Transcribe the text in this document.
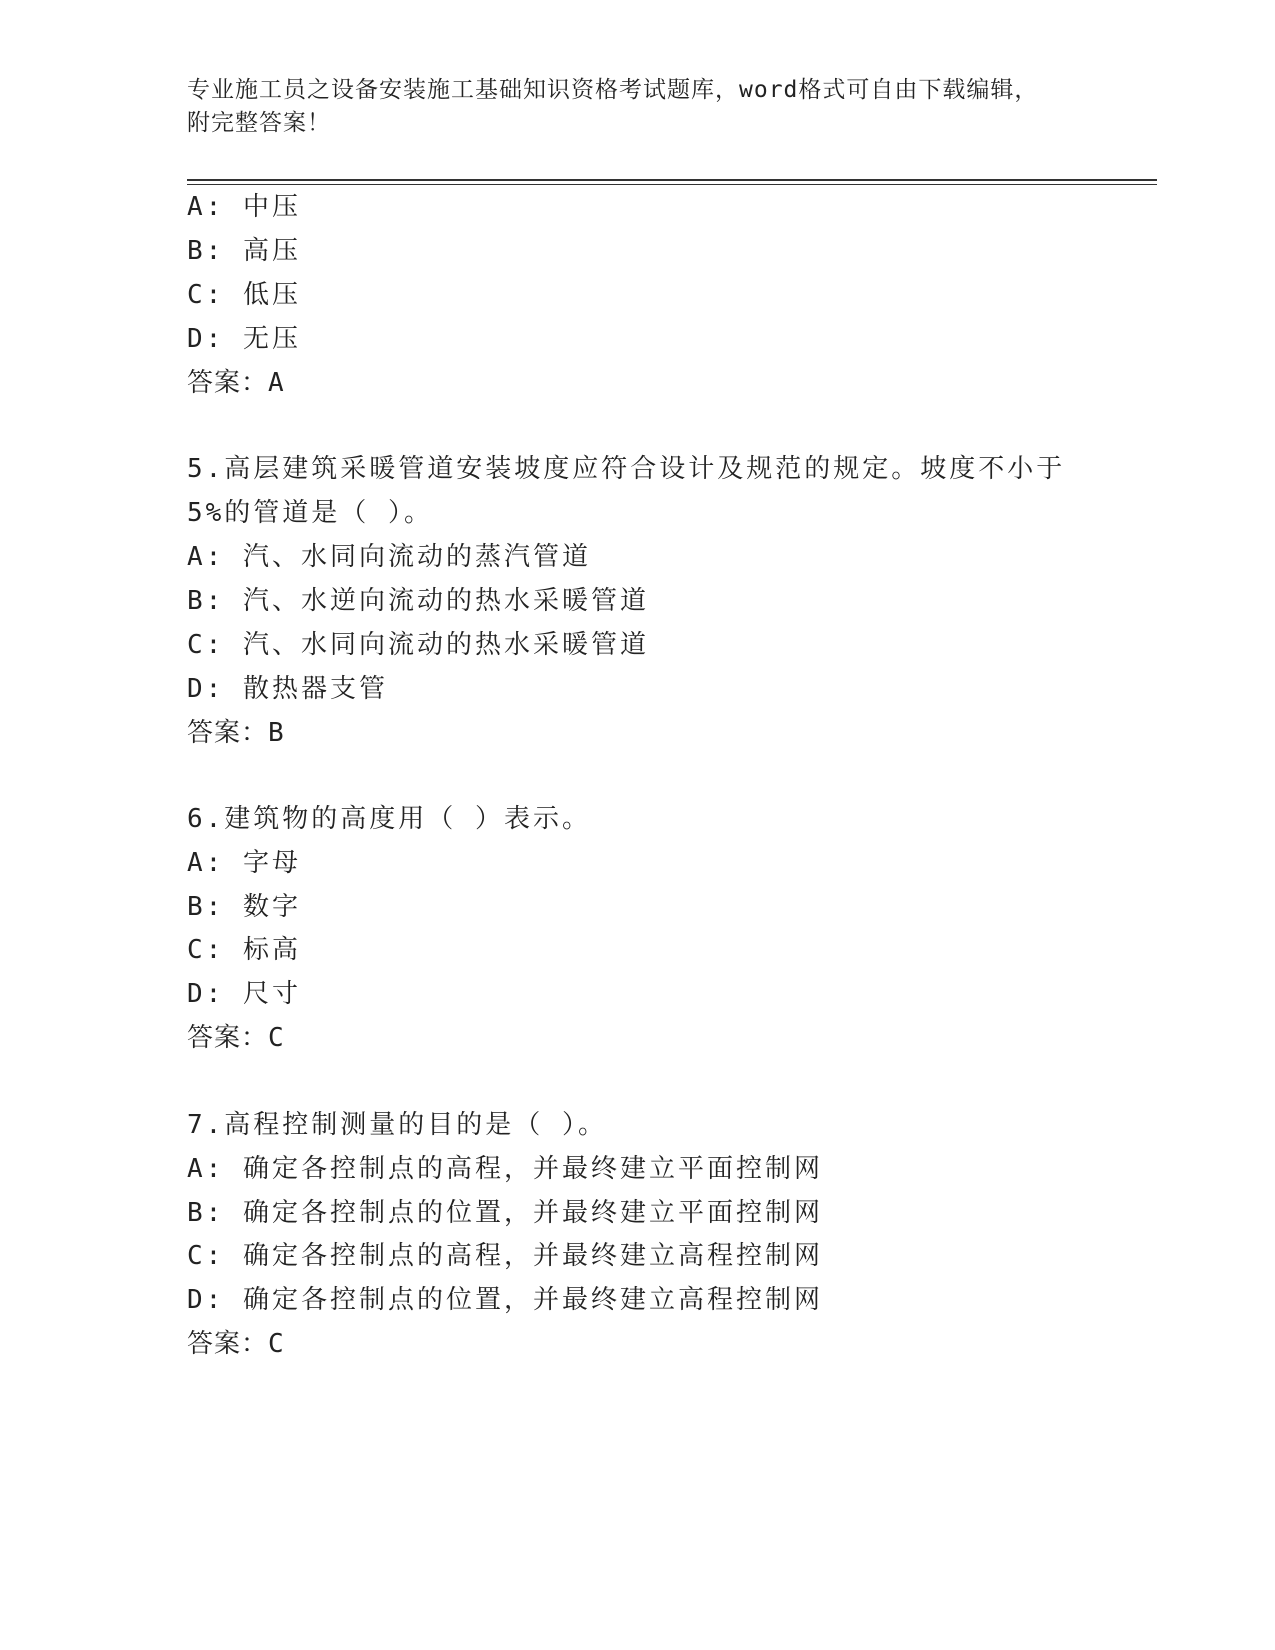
专业施工员之设备安装施工基础知识资格考试题库，word格式可自由下载编辑，
附完整答案！
A: 中压
B: 高压
C: 低压
D: 无压
答案：A
5.高层建筑采暖管道安装坡度应符合设计及规范的规定。坡度不小于
5%的管道是（ ）。
A: 汽、水同向流动的蒸汽管道
B: 汽、水逆向流动的热水采暖管道
C: 汽、水同向流动的热水采暖管道
D: 散热器支管
答案：B
6.建筑物的高度用（ ）表示。
A: 字母
B: 数字
C: 标高
D: 尺寸
答案：C
7.高程控制测量的目的是（ ）。
A: 确定各控制点的高程，并最终建立平面控制网
B: 确定各控制点的位置，并最终建立平面控制网
C: 确定各控制点的高程，并最终建立高程控制网
D: 确定各控制点的位置，并最终建立高程控制网
答案：C
